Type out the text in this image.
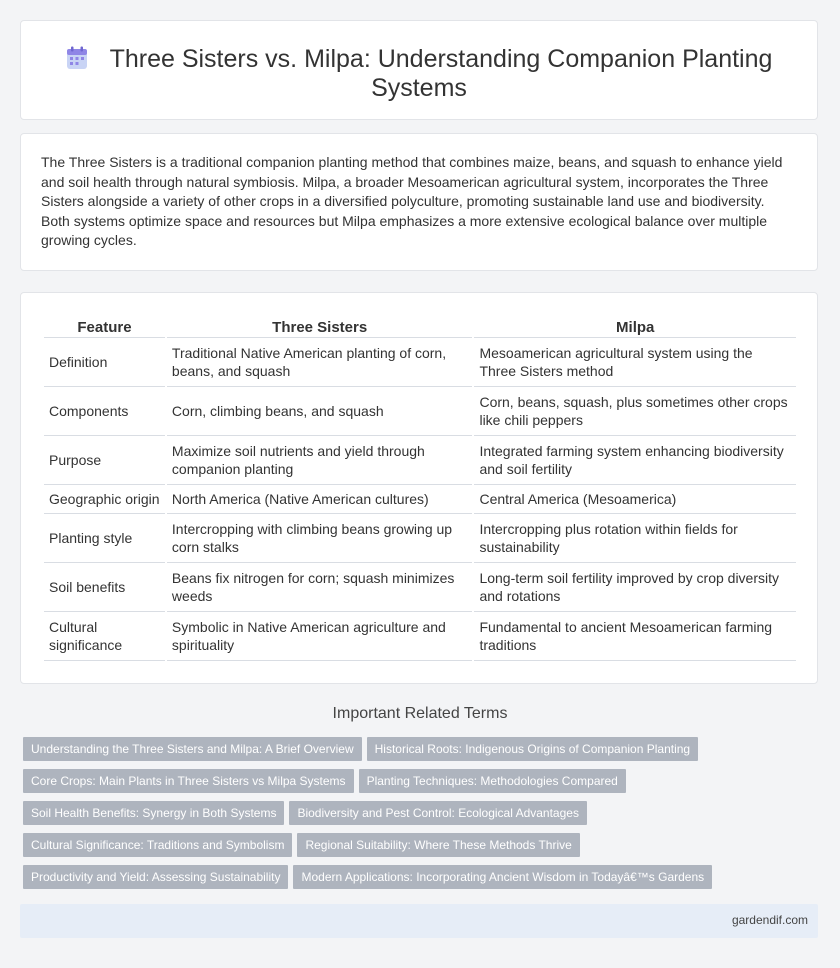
Three Sisters vs. Milpa: Understanding Companion Planting
Systems
The Three Sisters is a traditional companion planting method that combines maize, beans, and squash to enhance yield and soil health through natural symbiosis. Milpa, a broader Mesoamerican agricultural system, incorporates the Three Sisters alongside a variety of other crops in a diversified polyculture, promoting sustainable land use and biodiversity. Both systems optimize space and resources but Milpa emphasizes a more extensive ecological balance over multiple growing cycles.
Feature	Three Sisters	Milpa
Definition	Traditional Native American planting of corn, beans, and squash	Mesoamerican agricultural system using the Three Sisters method
Components	Corn, climbing beans, and squash	Corn, beans, squash, plus sometimes other crops like chili peppers
Purpose	Maximize soil nutrients and yield through companion planting	Integrated farming system enhancing biodiversity and soil fertility
Geographic origin	North America (Native American cultures)	Central America (Mesoamerica)
Planting style	Intercropping with climbing beans growing up corn stalks	Intercropping plus rotation within fields for sustainability
Soil benefits	Beans fix nitrogen for corn; squash minimizes weeds	Long-term soil fertility improved by crop diversity and rotations
Cultural significance	Symbolic in Native American agriculture and spirituality	Fundamental to ancient Mesoamerican farming traditions
Important Related Terms
Understanding the Three Sisters and Milpa: A Brief Overview Historical Roots: Indigenous Origins of Companion Planting
Core Crops: Main Plants in Three Sisters vs Milpa Systems Planting Techniques: Methodologies Compared
Soil Health Benefits: Synergy in Both Systems Biodiversity and Pest Control: Ecological Advantages
Cultural Significance: Traditions and Symbolism Regional Suitability: Where These Methods Thrive
Productivity and Yield: Assessing Sustainability Modern Applications: Incorporating Ancient Wisdom in Todayâ€™s Gardens
gardendif.com
